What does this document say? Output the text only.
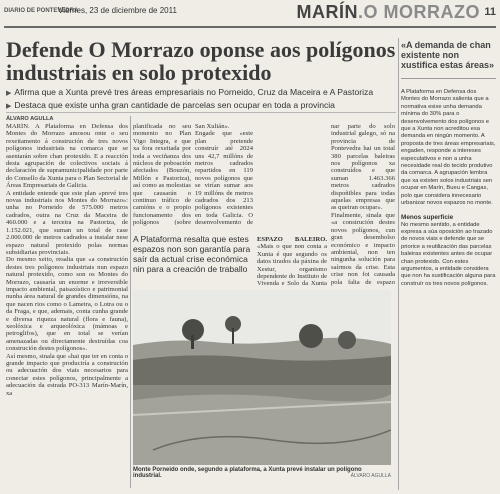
DIARIO DE PONTEVEDRA
Viernes, 23 de diciembre de 2011	MARÍN.O MORRAZO 11
Defende O Morrazo oponse aos polígonos industriais en solo protexido
▶ Afirma que a Xunta prevé tres áreas empresariais no Porneido, Cruz da Maceira e A Pastoriza
▶ Destaca que existe unha gran cantidade de parcelas sen ocupar en toda a provincia
ÁLVARO AGULLA
MARÍN. A Plataforma en Defensa dos Montes do Morrazo amosou onte o seu rexeitamento á construción de tres novos polígonos industriais na comarca que se asentarán sobre chan protexido. E a reacción desta agrupación de colectivos sociais á declaración de supramunicipalidade por parte do Consello da Xunta para o Plan Sectorial de Áreas Empresariais de Galicia.
A entidade entende que este plan «prevé tres novas industriais nos Montes do Morrazo»: unha no Porneido de 575.000 metros cadrados, outra na Cruz da Maceira de 460.000 e a terceira na Pastoriza, de 1.152.021, que suman un total de case 2.000.000 de metros cadrados a instalar nese espazo natural protexido polas normas subsidiarias provinciais.
Do mesmo xeito, resalta que «a construción destes tres polígonos industriais nun espazo natural protexido, como son os Montes do Morrazo, causaría un enorme e irreversible impacto ambiental, paisaxístico e patrimonial nunha área natural de grandes dimensións, na que nacen rios como o Lameira, o Lotra ou o da Fraga, e que, ademais, conta cunha grande e diversa riqueza natural (flora e fauna), xeolóxica e arqueolóxica (mámoas e petroglifos), que en total se verían amenazadas ou directamente destruídas coa construción destes polígonos».
Así mesmo, sinala que «hai que ter en conta o grande impacto que produciría a construción ou adecuación dos viais necesarios para conectar estes polígonos, principalmente a adecuación da estrada PO-313 Marín-Marín, xa
planificada no seu momento no Plan Vigo Integra, e que xa fora rexeitada por toda a veciñanza dos núcleos de poboación afectados (Bouzón, Millón e Pastoriza), así como as molestias que causarán o continuo tráfico de camións e o propio funcionamento dos polígonos (sobre
San Xulián».
Engade que «este plan pretende construír até 2024 uns 42,7 millóns de metros cadrados repartidos en 119 novos polígonos que se virían sumar aos 19 millóns de metros cadrados dos 213 polígonos existentes en toda Galicia. O desenvolvemento de
A Plataforma resalta que estes espazos non son garantía para saír da actual crise económica nin para a creación de traballo
ESPAZO BALEIRO. «Mais o que non conta a Xunta é que segundo os datos tirados da páxina de Xestur, organismo dependente do Instituto de Vivenda e Solo da Xunta
nar parte do solo industrial galego, só na provincia de Pontevedra hai un total 380 parcelas baleiras nos polígonos xa construídos e que suman 1.463.366 metros cadrados dispoñibles para todas aquelas empresas que as queiran ocupar».
Finalmente, sinala que «a construción destes novos polígonos, cun gran desembolso económico e impacto ambiental, non ten ningunha solución para saírmos da crise. Esta crise non foi causada pola falta de espazo
Monte Porneido onde, segundo a plataforma, a Xunta prevé instalar un polígono industrial.	ÁLVARO AGULLA
«A demanda de chan existente non xustifica estas áreas»
A Plataforma en Defensa dos Montes do Morrazo salienta que a normativa esixe unha demanda mínima do 30% para o desenvolvemento dos polígonos e que a Xunta non acreditou esa demanda en ningún momento. A proposta de tres áreas empresariais, engaden, responde a intereses especulativos e non a unha necesidade real do tecido produtivo da comarca. A agrupación lembra que xa existen solos industriais sen ocupar en Marín, Bueu e Cangas, polo que considera innecesario urbanizar novos espazos no monte.
Menos superficie
No mesmo sentido, a entidade expresa a súa oposición ao trazado de novos viais e defende que se priorice a reutilización das parcelas baleiras existentes antes de ocupar chan protexido. Con estes argumentos, a entidade considera que non ha xustificación alguna para construír os tres novos polígonos.
